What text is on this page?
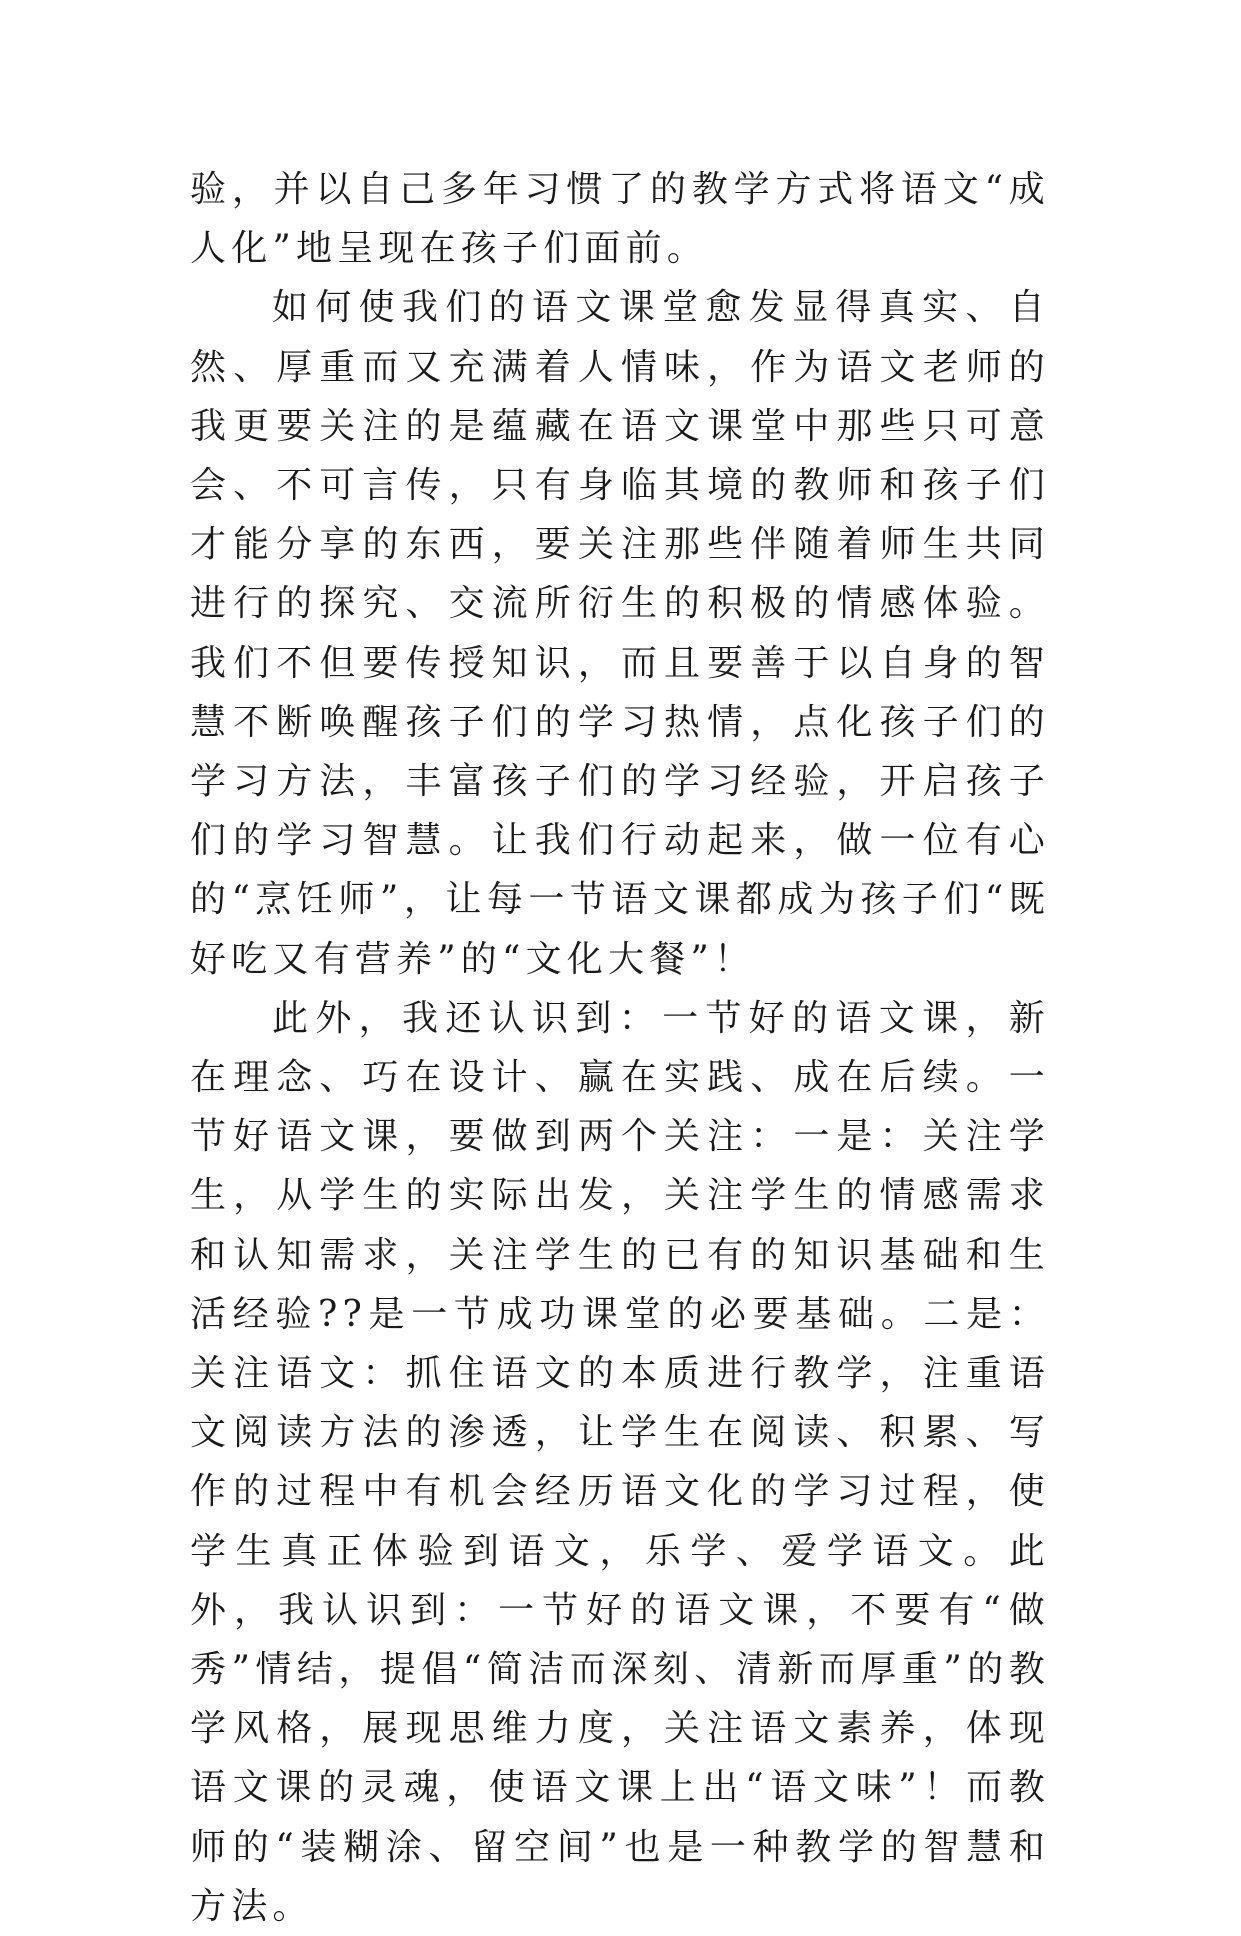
验，并以自己多年习惯了的教学方式将语文“成人化”地呈现在孩子们面前。

如何使我们的语文课堂愈发显得真实、自然、厚重而又充满着人情味，作为语文老师的我更要关注的是蕴藏在语文课堂中那些只可意会、不可言传，只有身临其境的教师和孩子们才能分享的东西，要关注那些伴随着师生共同进行的探究、交流所衍生的积极的情感体验。我们不但要传授知识，而且要善于以自身的智慧不断唤醒孩子们的学习热情，点化孩子们的学习方法，丰富孩子们的学习经验，开启孩子们的学习智慧。让我们行动起来，做一位有心的“烹饪师”，让每一节语文课都成为孩子们“既好吃又有营养”的“文化大餐”！

此外，我还认识到：一节好的语文课，新在理念、巧在设计、赢在实践、成在后续。一节好语文课，要做到两个关注：一是：关注学生，从学生的实际出发，关注学生的情感需求和认知需求，关注学生的已有的知识基础和生活经验??是一节成功课堂的必要基础。二是：关注语文：抓住语文的本质进行教学，注重语文阅读方法的渗透，让学生在阅读、积累、写作的过程中有机会经历语文化的学习过程，使学生真正体验到语文，乐学、爱学语文。此外，我认识到：一节好的语文课，不要有“做秀”情结，提倡“简洁而深刻、清新而厚重”的教学风格，展现思维力度，关注语文素养，体现语文课的灵魂，使语文课上出“语文味”！而教师的“装糊涂、留空间”也是一种教学的智慧和方法。
